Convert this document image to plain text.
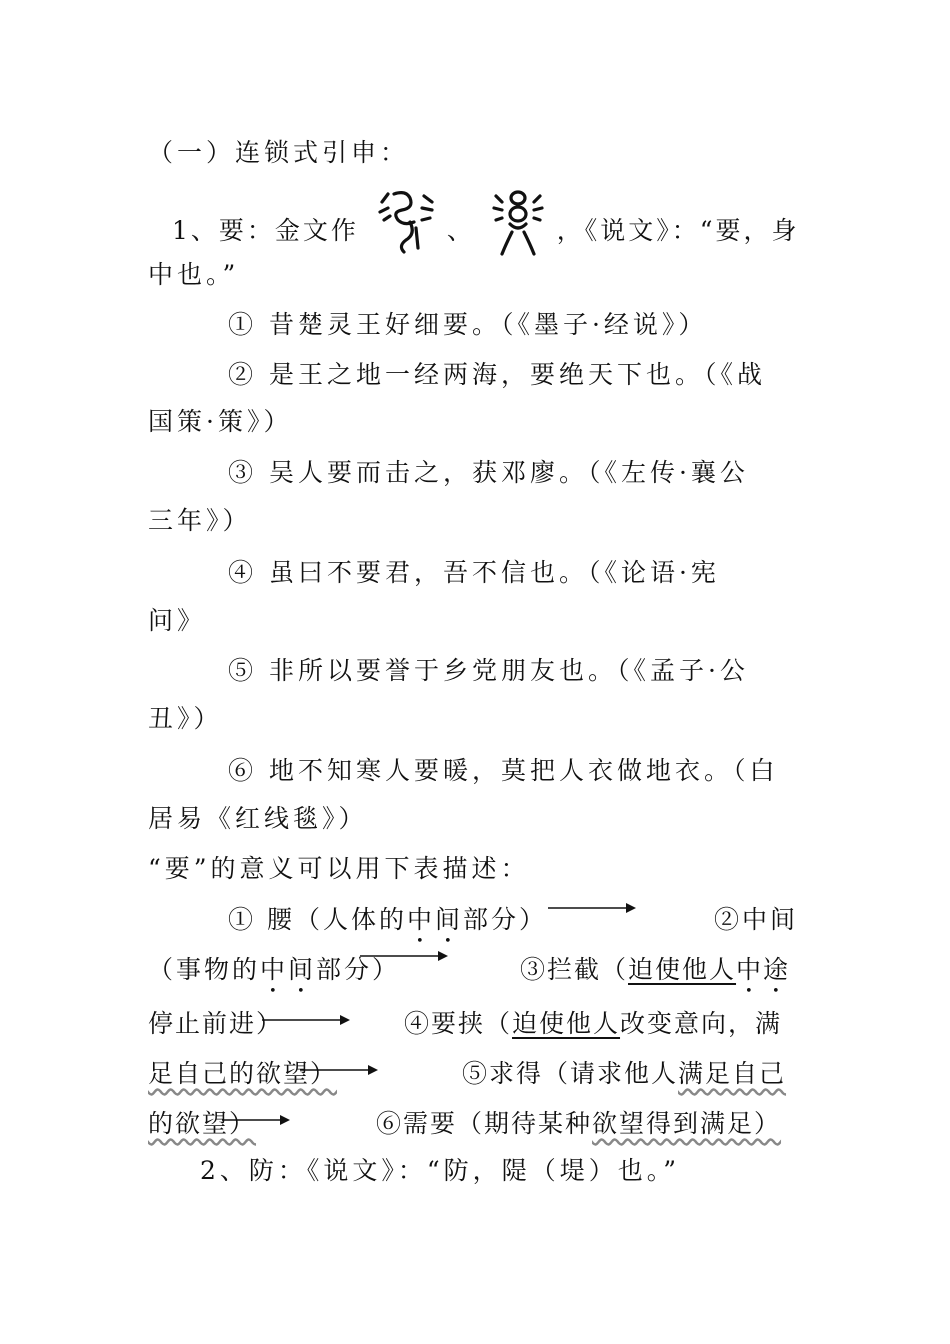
（一）连锁式引申：
1、要：金文作	、	，《说文》：“要，身
中也。”
① 昔楚灵王好细要。（《墨子·经说》）
② 是王之地一经两海，要绝天下也。（《战
国策·策》）
③ 吴人要而击之，获邓廖。（《左传·襄公
三年》）
④ 虽曰不要君，吾不信也。（《论语·宪
问》
⑤ 非所以要誉于乡党朋友也。（《孟子·公
丑》）
⑥ 地不知寒人要暖，莫把人衣做地衣。（白
居易《红线毯》）
“要”的意义可以用下表描述：
① 腰（人体的中间部分）	②中间
（事物的中间部分）	③拦截（迫使他人中途
停止前进）	④要挟（迫使他人改变意向，满
足自己的欲望）	⑤求得（请求他人满足自己
的欲望）	⑥需要（期待某种欲望得到满足）
2、防：《说文》：“防，隄（堤）也。”
